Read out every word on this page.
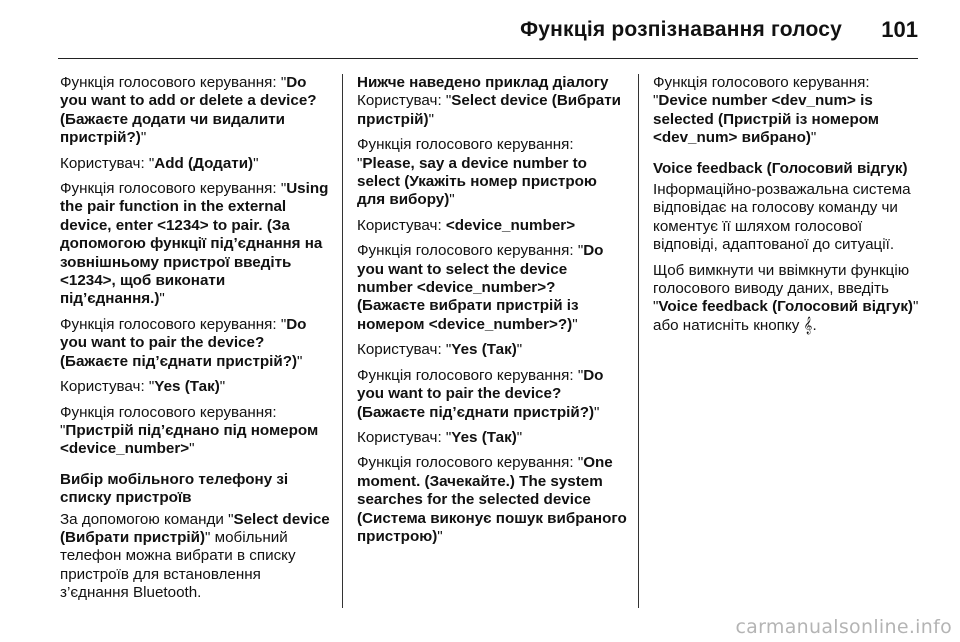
Функція розпізнавання голосу 101

Функція голосового керування: "Do you want to add or delete a device? (Бажаєте додати чи видалити пристрій?)"

Користувач: "Add (Додати)"

Функція голосового керування: "Using the pair function in the external device, enter <1234> to pair. (За допомогою функції під’єднання на зовнішньому пристрої введіть <1234>, щоб виконати під’єднання.)"

Функція голосового керування: "Do you want to pair the device? (Бажаєте під’єднати пристрій?)"

Користувач: "Yes (Так)"

Функція голосового керування: "Пристрій під’єднано під номером <device_number>"

Вибір мобільного телефону зі списку пристроїв

За допомогою команди "Select device (Вибрати пристрій)" мобільний телефон можна вибрати в списку пристроїв для встановлення з’єднання Bluetooth.

Нижче наведено приклад діалогу

Користувач: "Select device (Вибрати пристрій)"

Функція голосового керування: "Please, say a device number to select (Укажіть номер пристрою для вибору)"

Користувач: <device_number>

Функція голосового керування: "Do you want to select the device number <device_number>? (Бажаєте вибрати пристрій із номером <device_number>?)"

Користувач: "Yes (Так)"

Функція голосового керування: "Do you want to pair the device? (Бажаєте під’єднати пристрій?)"

Користувач: "Yes (Так)"

Функція голосового керування: "One moment. (Зачекайте.) The system searches for the selected device (Система виконує пошук вибраного пристрою)"

Функція голосового керування: "Device number <dev_num> is selected (Пристрій із номером <dev_num> вибрано)"

Voice feedback (Голосовий відгук)

Інформаційно-розважальна система відповідає на голосову команду чи коментує її шляхом голосової відповіді, адаптованої до ситуації.

Щоб вимкнути чи ввімкнути функцію голосового виводу даних, введіть "Voice feedback (Голосовий відгук)" або натисніть кнопку 𝄞.

carmanualsonline.info
